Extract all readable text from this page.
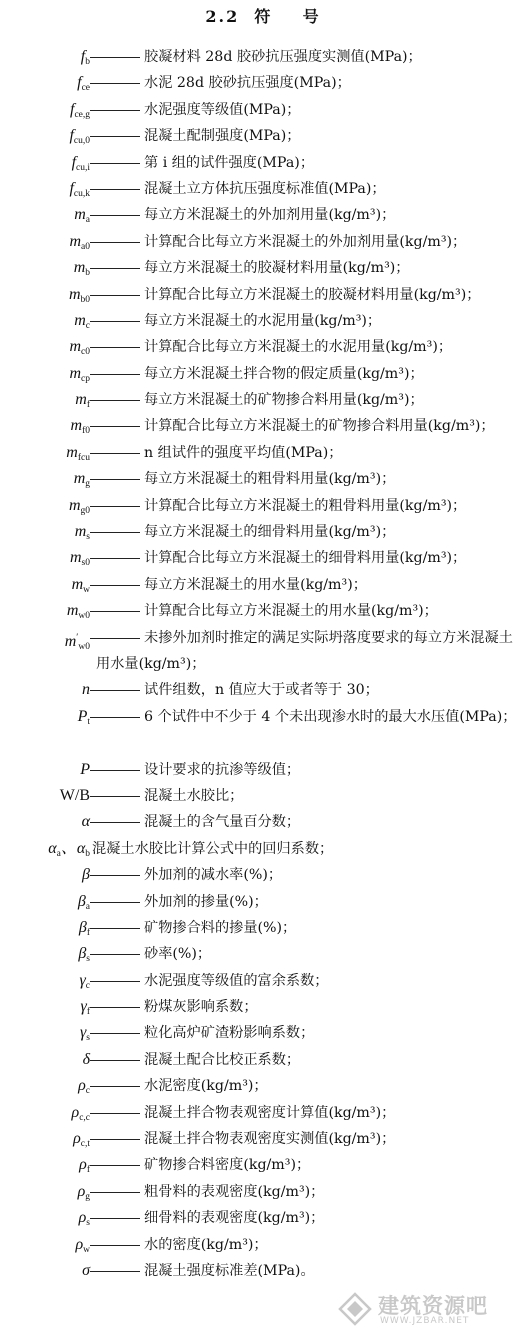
2.2  符    号
$f_b$	胶凝材料 28d 胶砂抗压强度实测值(MPa)；
$f_{ce}$	水泥 28d 胶砂抗压强度(MPa)；
$f_{ce,g}$	水泥强度等级值(MPa)；
$f_{cu,0}$	混凝土配制强度(MPa)；
$f_{cu,i}$	第 i 组的试件强度(MPa)；
$f_{cu,k}$	混凝土立方体抗压强度标准值(MPa)；
$m_a$	每立方米混凝土的外加剂用量(kg/m³)；
$m_{a0}$	计算配合比每立方米混凝土的外加剂用量(kg/m³)；
$m_b$	每立方米混凝土的胶凝材料用量(kg/m³)；
$m_{b0}$	计算配合比每立方米混凝土的胶凝材料用量(kg/m³)；
$m_c$	每立方米混凝土的水泥用量(kg/m³)；
$m_{c0}$	计算配合比每立方米混凝土的水泥用量(kg/m³)；
$m_{cp}$	每立方米混凝土拌合物的假定质量(kg/m³)；
$m_f$	每立方米混凝土的矿物掺合料用量(kg/m³)；
$m_{f0}$	计算配合比每立方米混凝土的矿物掺合料用量(kg/m³)；
$m_{fcu}$	n 组试件的强度平均值(MPa)；
$m_g$	每立方米混凝土的粗骨料用量(kg/m³)；
$m_{g0}$	计算配合比每立方米混凝土的粗骨料用量(kg/m³)；
$m_s$	每立方米混凝土的细骨料用量(kg/m³)；
$m_{s0}$	计算配合比每立方米混凝土的细骨料用量(kg/m³)；
$m_w$	每立方米混凝土的用水量(kg/m³)；
$m_{w0}$	计算配合比每立方米混凝土的用水量(kg/m³)；
$m'_{w0}$
未掺外加剂时推定的满足实际坍落度要求的每立方米混凝土用水量(kg/m³)；
n	试件组数，n 值应大于或者等于 30；
$P_t$	6 个试件中不少于 4 个未出现渗水时的最大水压值(MPa)；
P	设计要求的抗渗等级值；
W/B	混凝土水胶比；
α	混凝土的含气量百分数；
$\alpha_a$、$\alpha_b$ 混凝土水胶比计算公式中的回归系数；
β	外加剂的减水率(%)；
$\beta_a$	外加剂的掺量(%)；
$\beta_f$	矿物掺合料的掺量(%)；
$\beta_s$	砂率(%)；
$\gamma_c$	水泥强度等级值的富余系数；
$\gamma_f$	粉煤灰影响系数；
$\gamma_s$	粒化高炉矿渣粉影响系数；
δ	混凝土配合比校正系数；
$\rho_c$	水泥密度(kg/m³)；
$\rho_{c,c}$	混凝土拌合物表观密度计算值(kg/m³)；
$\rho_{c,t}$	混凝土拌合物表观密度实测值(kg/m³)；
$\rho_f$	矿物掺合料密度(kg/m³)；
$\rho_g$	粗骨料的表观密度(kg/m³)；
$\rho_s$	细骨料的表观密度(kg/m³)；
$\rho_w$	水的密度(kg/m³)；
σ	混凝土强度标准差(MPa)。
建筑资源吧
WWW.JZBAR.NET
